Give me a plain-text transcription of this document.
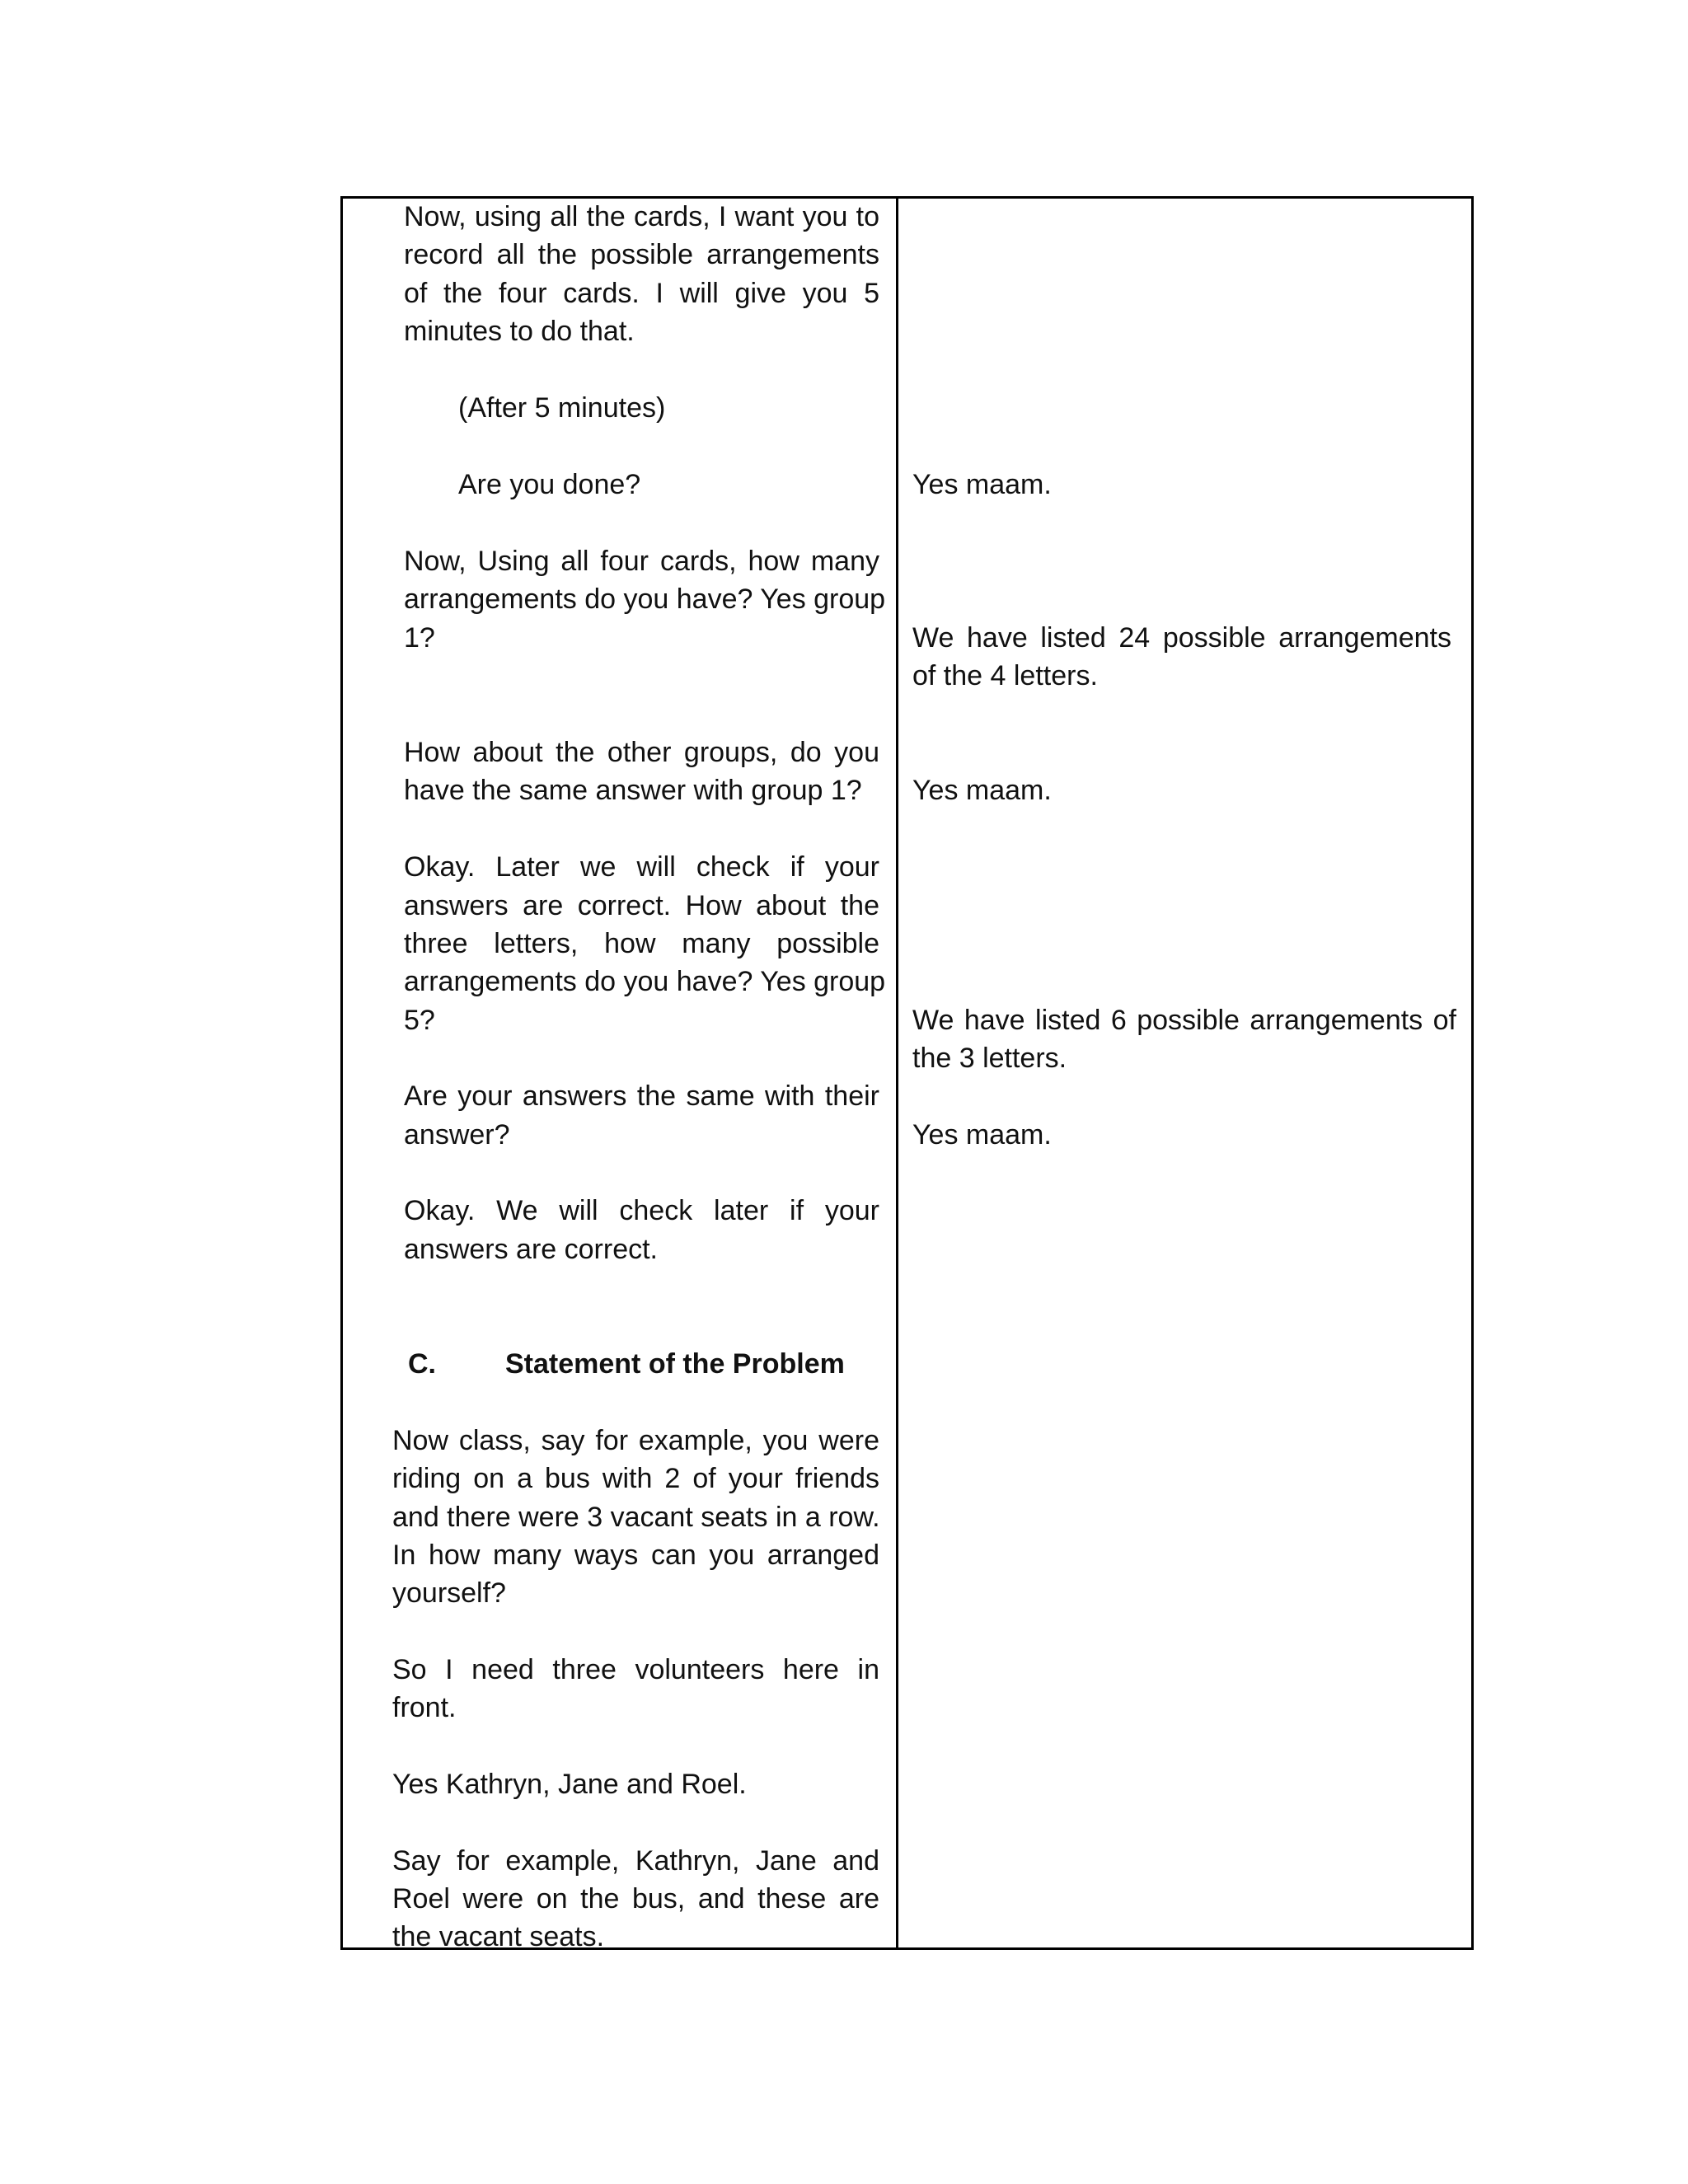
Now, using all the cards, I want you to
record all the possible arrangements
of the four cards. I will give you 5
minutes to do that.
(After 5 minutes)
Are you done?
Now, Using all four cards, how many
arrangements do you have? Yes group
1?
How about the other groups, do you
have the same answer with group 1?
Okay. Later we will check if your
answers are correct. How about the
three letters, how many possible
arrangements do you have? Yes group
5?
Are your answers the same with their
answer?
Okay. We will check later if your
answers are correct.
C. Statement of the Problem
Now class, say for example, you were
riding on a bus with 2 of your friends
and there were 3 vacant seats in a row.
In how many ways can you arranged
yourself?
So I need three volunteers here in
front.
Yes Kathryn, Jane and Roel.
Say for example, Kathryn, Jane and
Roel were on the bus, and these are
the vacant seats.
Yes maam.
We have listed 24 possible arrangements
of the 4 letters.
Yes maam.
We have listed 6 possible arrangements of
the 3 letters.
Yes maam.
